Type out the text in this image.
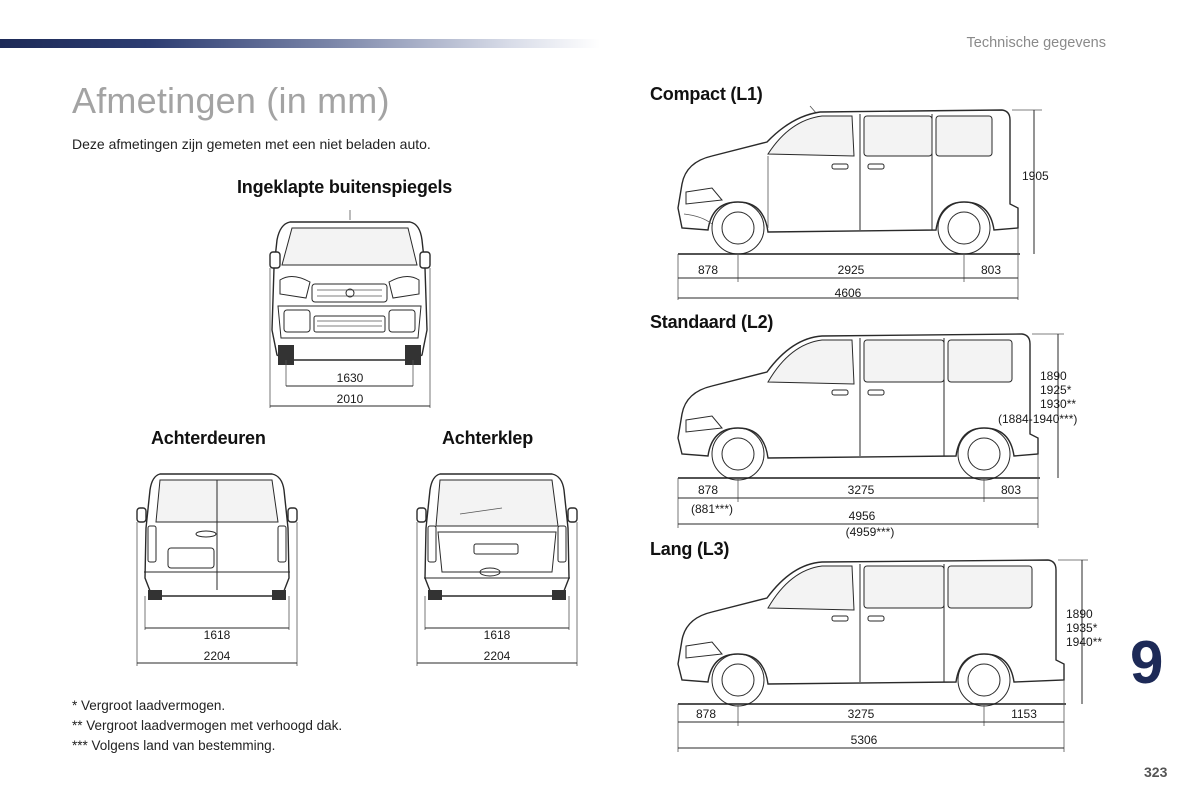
Technische gegevens
Afmetingen (in mm)
Deze afmetingen zijn gemeten met een niet beladen auto.
Ingeklapte buitenspiegels
Achterdeuren	Achterklep
Compact (L1)
Standaard (L2)
Lang (L3)
1630
2010
1618
2204
1618
2204
1905
878	2925	803
4606
1890
1925*
1930**
(1884-1940***)
878
(881***)
3275	803
4956
(4959***)
1890
1935*
1940**
878	3275	1153
5306
* Vergroot laadvermogen.
** Vergroot laadvermogen met verhoogd dak.
*** Volgens land van bestemming.
9
323
